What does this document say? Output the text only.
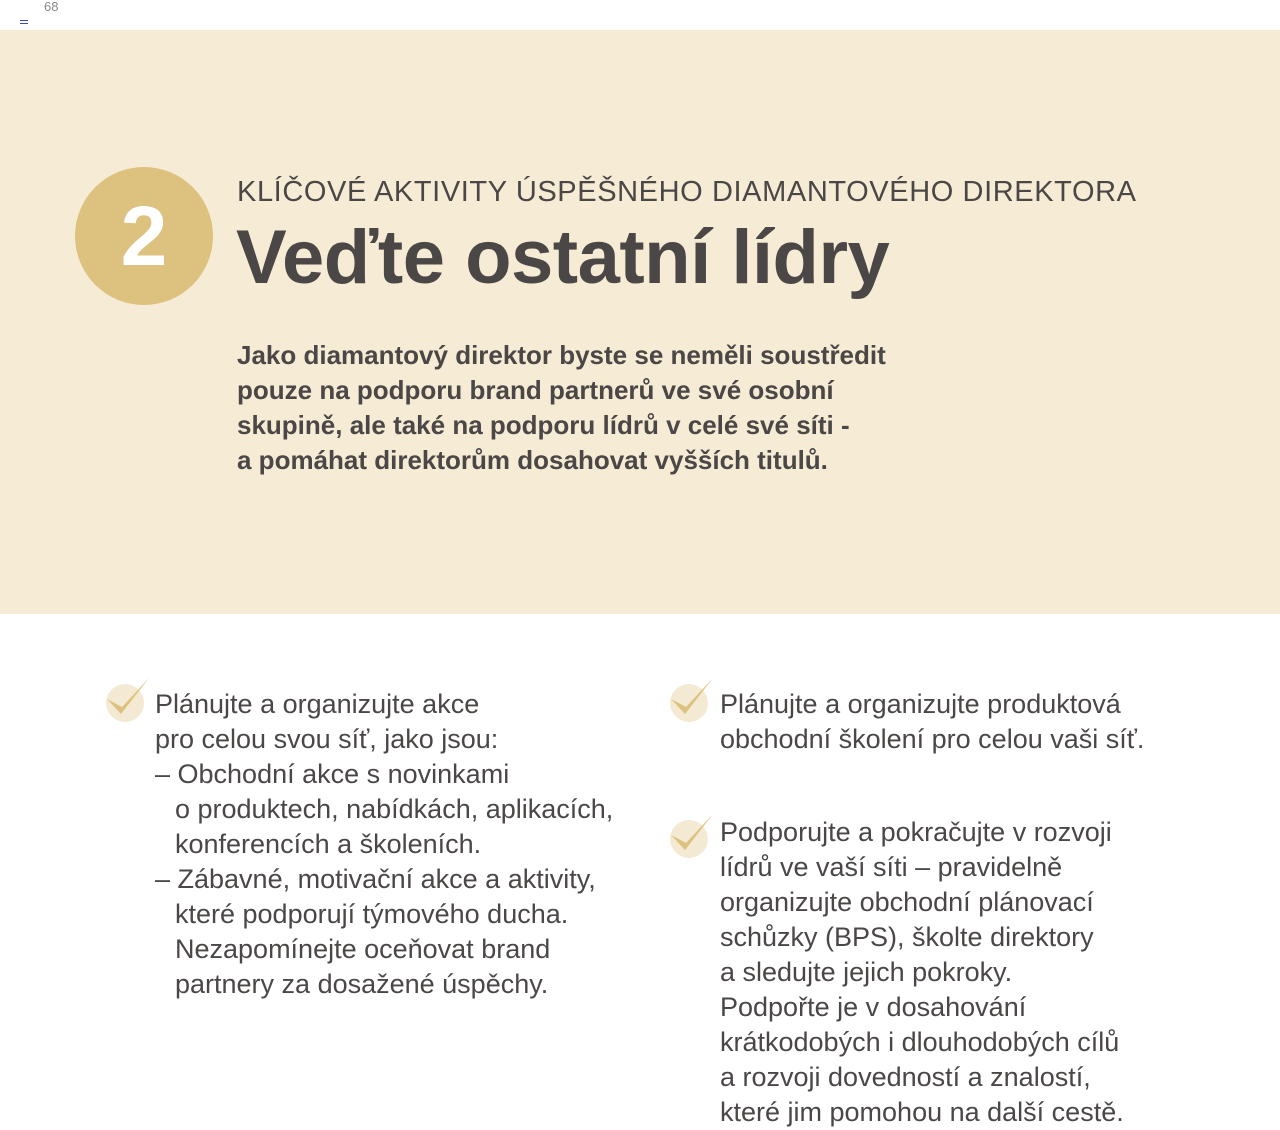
68
2	KLÍČOVÉ AKTIVITY ÚSPĚŠNÉHO DIAMANTOVÉHO DIREKTORA
Veďte ostatní lídry
Jako diamantový direktor byste se neměli soustředit
pouze na podporu brand partnerů ve své osobní
skupině, ale také na podporu lídrů v celé své síti -
a pomáhat direktorům dosahovat vyšších titulů.
Plánujte a organizujte akce
pro celou svou síť, jako jsou:
– Obchodní akce s novinkami
o produktech, nabídkách, aplikacích,
konferencích a školeních.
– Zábavné, motivační akce a aktivity,
které podporují týmového ducha.
Nezapomínejte oceňovat brand
partnery za dosažené úspěchy.
Plánujte a organizujte produktová
obchodní školení pro celou vaši síť.
Podporujte a pokračujte v rozvoji
lídrů ve vaší síti – pravidelně
organizujte obchodní plánovací
schůzky (BPS), školte direktory
a sledujte jejich pokroky.
Podpořte je v dosahování
krátkodobých i dlouhodobých cílů
a rozvoji dovedností a znalostí,
které jim pomohou na další cestě.
